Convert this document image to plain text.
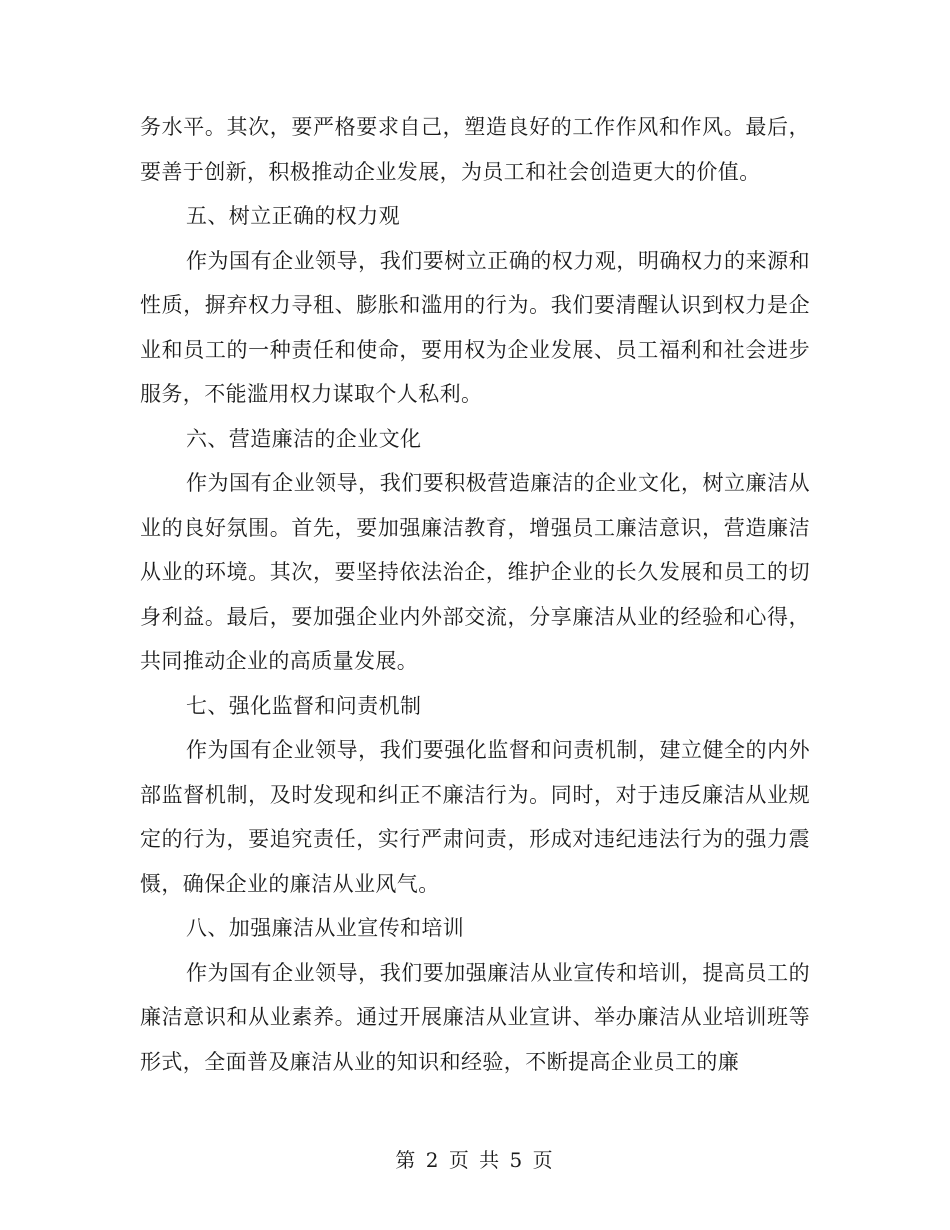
务水平。其次，要严格要求自己，塑造良好的工作作风和作风。最后，要善于创新，积极推动企业发展，为员工和社会创造更大的价值。

五、树立正确的权力观

作为国有企业领导，我们要树立正确的权力观，明确权力的来源和性质，摒弃权力寻租、膨胀和滥用的行为。我们要清醒认识到权力是企业和员工的一种责任和使命，要用权为企业发展、员工福利和社会进步服务，不能滥用权力谋取个人私利。

六、营造廉洁的企业文化

作为国有企业领导，我们要积极营造廉洁的企业文化，树立廉洁从业的良好氛围。首先，要加强廉洁教育，增强员工廉洁意识，营造廉洁从业的环境。其次，要坚持依法治企，维护企业的长久发展和员工的切身利益。最后，要加强企业内外部交流，分享廉洁从业的经验和心得，共同推动企业的高质量发展。

七、强化监督和问责机制

作为国有企业领导，我们要强化监督和问责机制，建立健全的内外部监督机制，及时发现和纠正不廉洁行为。同时，对于违反廉洁从业规定的行为，要追究责任，实行严肃问责，形成对违纪违法行为的强力震慑，确保企业的廉洁从业风气。

八、加强廉洁从业宣传和培训

作为国有企业领导，我们要加强廉洁从业宣传和培训，提高员工的廉洁意识和从业素养。通过开展廉洁从业宣讲、举办廉洁从业培训班等形式，全面普及廉洁从业的知识和经验，不断提高企业员工的廉

第 2 页 共 5 页
